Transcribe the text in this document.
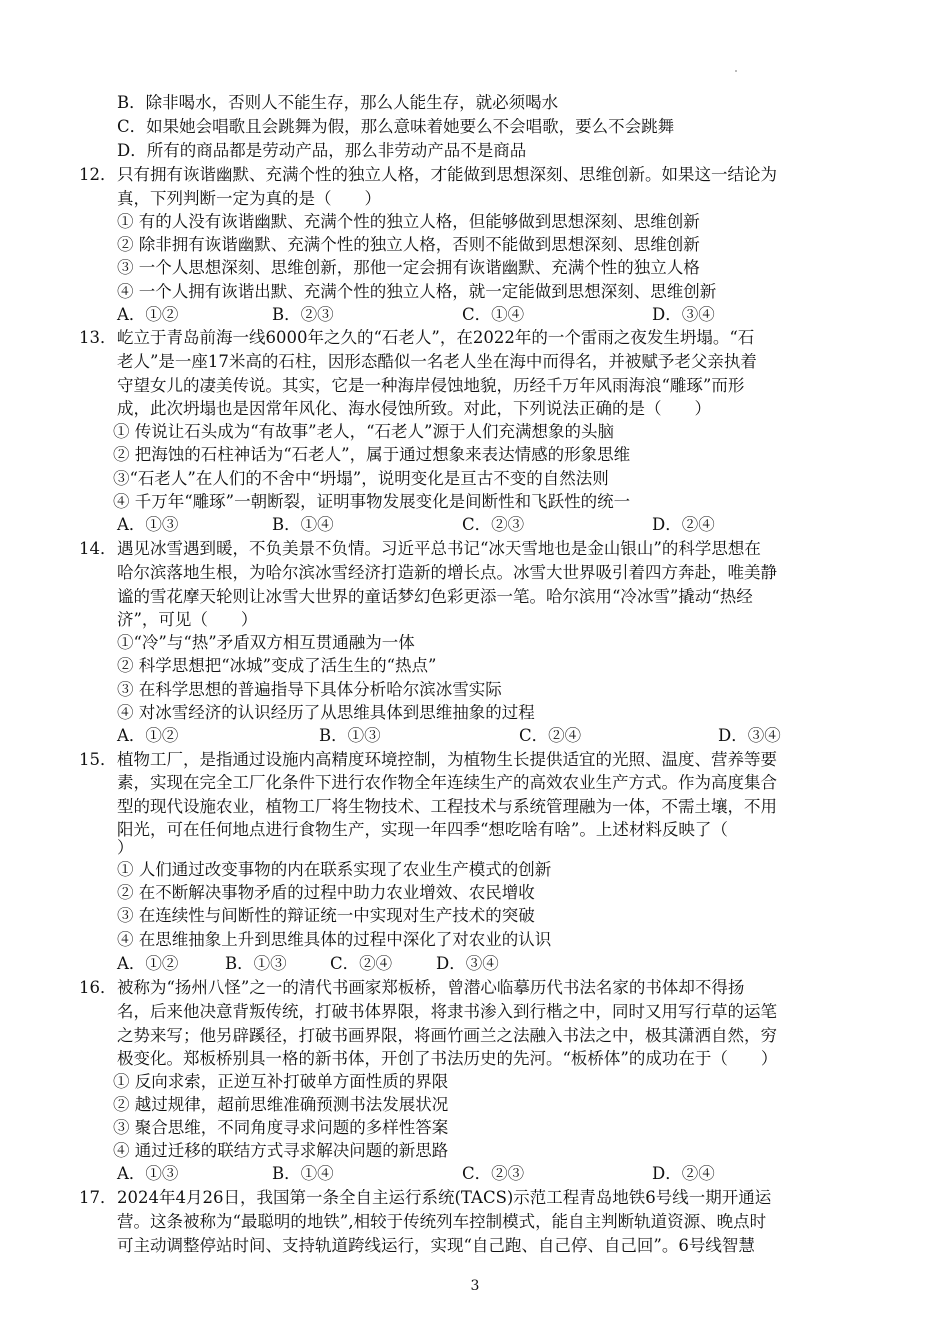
B．除非喝水，否则人不能生存，那么人能生存，就必须喝水
C．如果她会唱歌且会跳舞为假，那么意味着她要么不会唱歌，要么不会跳舞
D．所有的商品都是劳动产品，那么非劳动产品不是商品
12． 只有拥有诙谐幽默、充满个性的独立人格，才能做到思想深刻、思维创新。如果这一结论为
真，下列判断一定为真的是（　　）
① 有的人没有诙谐幽默、充满个性的独立人格，但能够做到思想深刻、思维创新
② 除非拥有诙谐幽默、充满个性的独立人格，否则不能做到思想深刻、思维创新
③ 一个人思想深刻、思维创新，那他一定会拥有诙谐幽默、充满个性的独立人格
④ 一个人拥有诙谐出默、充满个性的独立人格，就一定能做到思想深刻、思维创新
A．①②	B．②③	C．①④	D．③④
13． 屹立于青岛前海一线6000年之久的“石老人”，在2022年的一个雷雨之夜发生坍塌。“石
老人”是一座17米高的石柱，因形态酷似一名老人坐在海中而得名，并被赋予老父亲执着
守望女儿的凄美传说。其实，它是一种海岸侵蚀地貌，历经千万年风雨海浪“雕琢”而形
成，此次坍塌也是因常年风化、海水侵蚀所致。对此，下列说法正确的是（　　）
① 传说让石头成为“有故事”老人，“石老人”源于人们充满想象的头脑
② 把海蚀的石柱神话为“石老人”，属于通过想象来表达情感的形象思维
③“石老人”在人们的不舍中“坍塌”，说明变化是亘古不变的自然法则
④ 千万年“雕琢”一朝断裂，证明事物发展变化是间断性和飞跃性的统一
A．①③	B．①④	C．②③	D．②④
14． 遇见冰雪遇到暖，不负美景不负情。习近平总书记“冰天雪地也是金山银山”的科学思想在
哈尔滨落地生根，为哈尔滨冰雪经济打造新的增长点。冰雪大世界吸引着四方奔赴，唯美静
谧的雪花摩天轮则让冰雪大世界的童话梦幻色彩更添一笔。哈尔滨用“冷冰雪”撬动“热经
济”，可见（　　）
①“冷”与“热”矛盾双方相互贯通融为一体
② 科学思想把“冰城”变成了活生生的“热点”
③ 在科学思想的普遍指导下具体分析哈尔滨冰雪实际
④ 对冰雪经济的认识经历了从思维具体到思维抽象的过程
A．①②	B．①③	C．②④	D．③④
15． 植物工厂，是指通过设施内高精度环境控制，为植物生长提供适宜的光照、温度、营养等要
素，实现在完全工厂化条件下进行农作物全年连续生产的高效农业生产方式。作为高度集合
型的现代设施农业，植物工厂将生物技术、工程技术与系统管理融为一体，不需土壤，不用
阳光，可在任何地点进行食物生产，实现一年四季“想吃啥有啥”。上述材料反映了（
）
① 人们通过改变事物的内在联系实现了农业生产模式的创新
② 在不断解决事物矛盾的过程中助力农业增效、农民增收
③ 在连续性与间断性的辩证统一中实现对生产技术的突破
④ 在思维抽象上升到思维具体的过程中深化了对农业的认识
A．①②	B．①③	C．②④	D．③④
16． 被称为“扬州八怪”之一的清代书画家郑板桥，曾潜心临摹历代书法名家的书体却不得扬
名，后来他决意背叛传统，打破书体界限，将隶书渗入到行楷之中，同时又用写行草的运笔
之势来写；他另辟蹊径，打破书画界限，将画竹画兰之法融入书法之中，极其潇洒自然，穷
极变化。郑板桥别具一格的新书体，开创了书法历史的先河。“板桥体”的成功在于（　　）
① 反向求索，正逆互补打破单方面性质的界限
② 越过规律，超前思维准确预测书法发展状况
③ 聚合思维，不同角度寻求问题的多样性答案
④ 通过迁移的联结方式寻求解决问题的新思路
A．①③	B．①④	C．②③	D．②④
17． 2024年4月26日，我国第一条全自主运行系统(TACS)示范工程青岛地铁6号线一期开通运
营。这条被称为“最聪明的地铁”,相较于传统列车控制模式，能自主判断轨道资源、晚点时
可主动调整停站时间、支持轨道跨线运行，实现“自己跑、自己停、自己回”。6号线智慧
3
